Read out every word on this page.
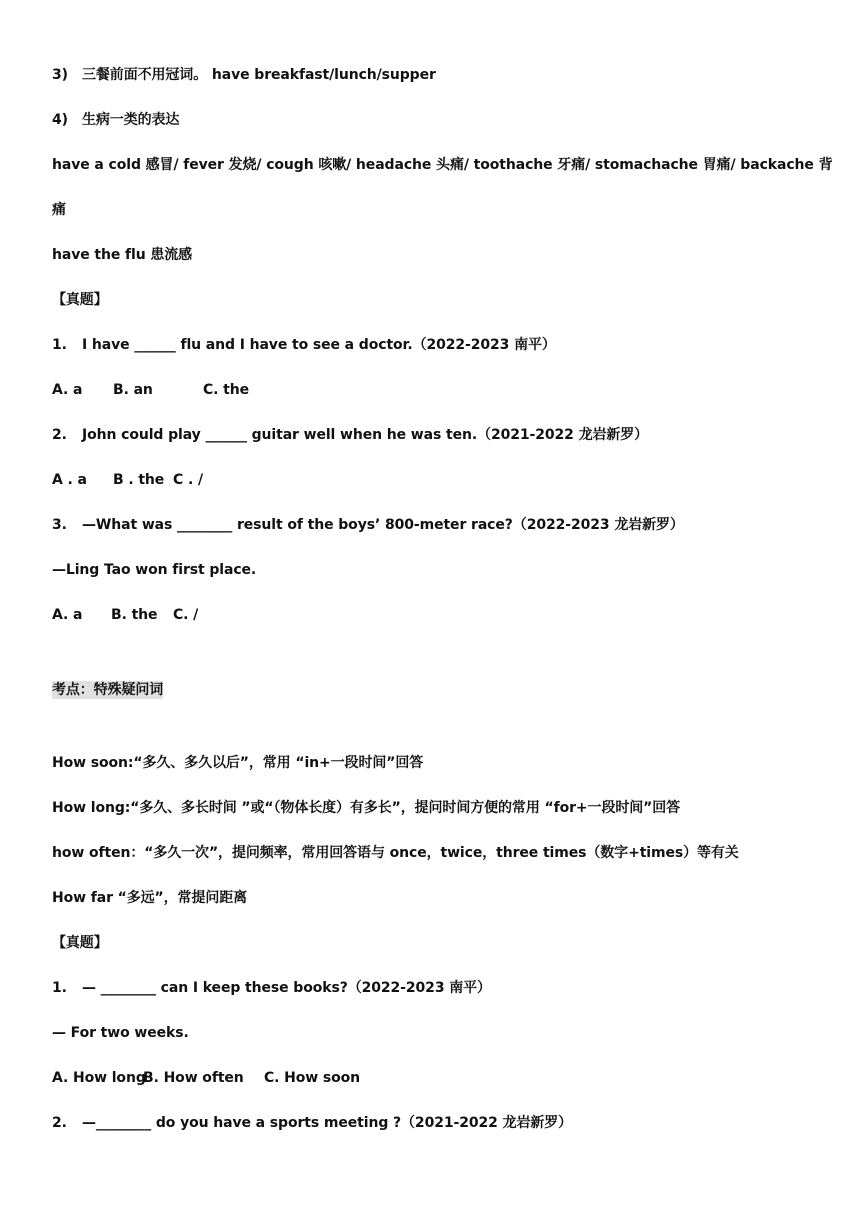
3) 三餐前面不用冠词。 have breakfast/lunch/supper
4) 生病一类的表达
have a cold 感冒/ fever 发烧/ cough 咳嗽/ headache 头痛/ toothache 牙痛/ stomachache 胃痛/ backache 背
痛
have the flu 患流感
【真题】
1. I have ______ flu and I have to see a doctor.（2022-2023 南平）
A. a B. an	C. the
2. John could play ______ guitar well when he was ten.（2021-2022 龙岩新罗）
A . a B . the C . /
3. —What was ________ result of the boys’ 800-meter race?（2022-2023 龙岩新罗）
—Ling Tao won first place.
A. a B. the C. /
考点：特殊疑问词
How soon:“多久、多久以后”，常用 “in+一段时间”回答
How long:“多久、多长时间 ”或“（物体长度）有多长”，提问时间方便的常用 “for+一段时间”回答
how often：“多久一次”，提问频率，常用回答语与 once，twice，three times（数字+times）等有关
How far “多远”，常提问距离
【真题】
1. — ________ can I keep these books?（2022-2023 南平）
— For two weeks.
A. How longB. How often C. How soon
2. —________ do you have a sports meeting ?（2021-2022 龙岩新罗）
